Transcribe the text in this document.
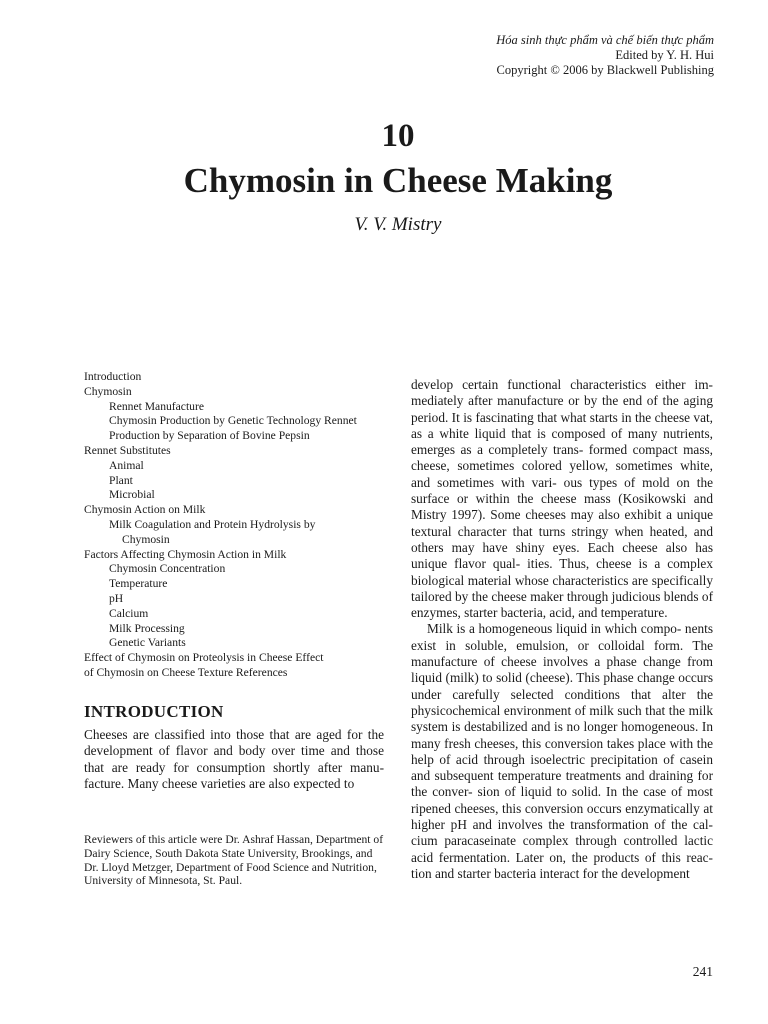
Hóa sinh thực phẩm và chế biến thực phẩm
Edited by Y. H. Hui
Copyright © 2006 by Blackwell Publishing
10
Chymosin in Cheese Making
V. V. Mistry
Introduction
Chymosin
Rennet Manufacture
Chymosin Production by Genetic Technology Rennet
Production by Separation of Bovine Pepsin
Rennet Substitutes
Animal
Plant
Microbial
Chymosin Action on Milk
Milk Coagulation and Protein Hydrolysis by
Chymosin
Factors Affecting Chymosin Action in Milk
Chymosin Concentration
Temperature
pH
Calcium
Milk Processing
Genetic Variants
Effect of Chymosin on Proteolysis in Cheese Effect
of Chymosin on Cheese Texture References
INTRODUCTION
Cheeses are classified into those that are aged for the development of flavor and body over time and those that are ready for consumption shortly after manu- facture. Many cheese varieties are also expected to
Reviewers of this article were Dr. Ashraf Hassan, Department of Dairy Science, South Dakota State University, Brookings, and Dr. Lloyd Metzger, Department of Food Science and Nutrition, University of Minnesota, St. Paul.

develop certain functional characteristics either im- mediately after manufacture or by the end of the aging period. It is fascinating that what starts in the cheese vat, as a white liquid that is composed of many nutrients, emerges as a completely trans- formed compact mass, cheese, sometimes colored yellow, sometimes white, and sometimes with vari- ous types of mold on the surface or within the cheese mass (Kosikowski and Mistry 1997). Some cheeses may also exhibit a unique textural character that turns stringy when heated, and others may have shiny eyes. Each cheese also has unique flavor qual- ities. Thus, cheese is a complex biological material whose characteristics are specifically tailored by the cheese maker through judicious blends of enzymes, starter bacteria, acid, and temperature.

Milk is a homogeneous liquid in which compo- nents exist in soluble, emulsion, or colloidal form. The manufacture of cheese involves a phase change from liquid (milk) to solid (cheese). This phase change occurs under carefully selected conditions that alter the physicochemical environment of milk such that the milk system is destabilized and is no longer homogeneous. In many fresh cheeses, this conversion takes place with the help of acid through isoelectric precipitation of casein and subsequent temperature treatments and draining for the conver- sion of liquid to solid. In the case of most ripened cheeses, this conversion occurs enzymatically at higher pH and involves the transformation of the cal- cium paracaseinate complex through controlled lactic acid fermentation. Later on, the products of this reac- tion and starter bacteria interact for the development

241
